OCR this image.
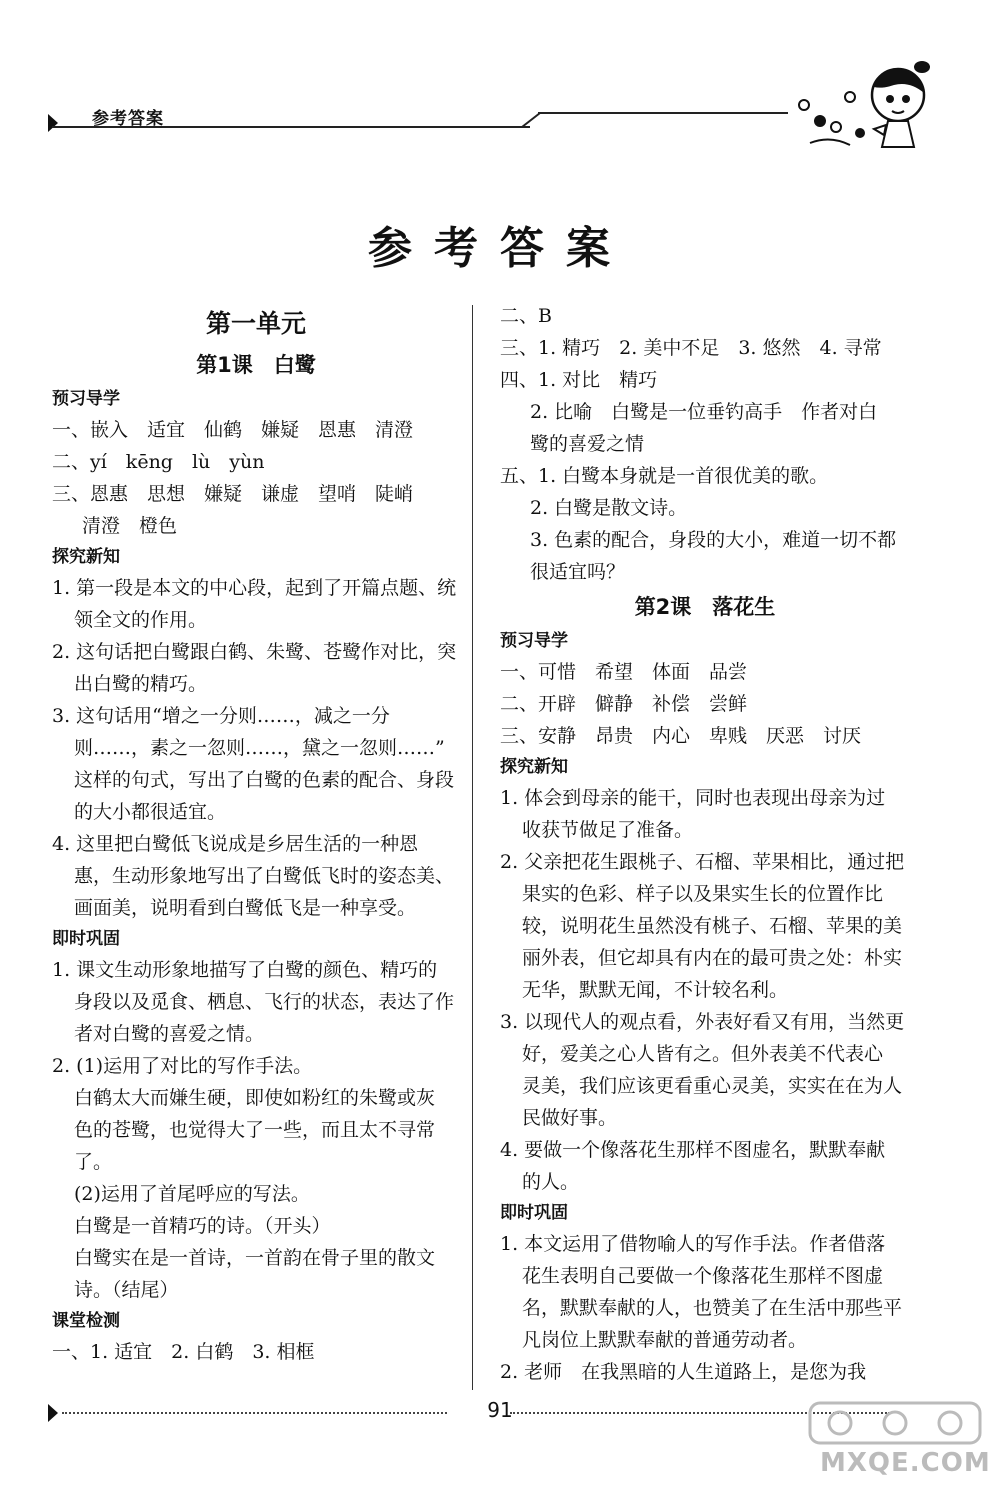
参考答案
参考答案
第一单元
第1课　白鹭
预习导学
一、嵌入　适宜　仙鹤　嫌疑　恩惠　清澄
二、yí　kēng　lù　yùn
三、恩惠　思想　嫌疑　谦虚　望哨　陡峭
清澄　橙色
探究新知
1. 第一段是本文的中心段，起到了开篇点题、统
领全文的作用。
2. 这句话把白鹭跟白鹤、朱鹭、苍鹭作对比，突
出白鹭的精巧。
3. 这句话用“增之一分则……，减之一分
则……，素之一忽则……，黛之一忽则……”
这样的句式，写出了白鹭的色素的配合、身段
的大小都很适宜。
4. 这里把白鹭低飞说成是乡居生活的一种恩
惠，生动形象地写出了白鹭低飞时的姿态美、
画面美，说明看到白鹭低飞是一种享受。
即时巩固
1. 课文生动形象地描写了白鹭的颜色、精巧的
身段以及觅食、栖息、飞行的状态，表达了作
者对白鹭的喜爱之情。
2. (1)运用了对比的写作手法。
白鹤太大而嫌生硬，即使如粉红的朱鹭或灰
色的苍鹭，也觉得大了一些，而且太不寻常
了。
(2)运用了首尾呼应的写法。
白鹭是一首精巧的诗。（开头）
白鹭实在是一首诗，一首韵在骨子里的散文
诗。（结尾）
课堂检测
一、1. 适宜　2. 白鹤　3. 相框
二、B
三、1. 精巧　2. 美中不足　3. 悠然　4. 寻常
四、1. 对比　精巧
2. 比喻　白鹭是一位垂钓高手　作者对白
鹭的喜爱之情
五、1. 白鹭本身就是一首很优美的歌。
2. 白鹭是散文诗。
3. 色素的配合，身段的大小，难道一切不都
很适宜吗？
第2课　落花生
预习导学
一、可惜　希望　体面　品尝
二、开辟　僻静　补偿　尝鲜
三、安静　昂贵　内心　卑贱　厌恶　讨厌
探究新知
1. 体会到母亲的能干，同时也表现出母亲为过
收获节做足了准备。
2. 父亲把花生跟桃子、石榴、苹果相比，通过把
果实的色彩、样子以及果实生长的位置作比
较，说明花生虽然没有桃子、石榴、苹果的美
丽外表，但它却具有内在的最可贵之处：朴实
无华，默默无闻，不计较名利。
3. 以现代人的观点看，外表好看又有用，当然更
好，爱美之心人皆有之。但外表美不代表心
灵美，我们应该更看重心灵美，实实在在为人
民做好事。
4. 要做一个像落花生那样不图虚名，默默奉献
的人。
即时巩固
1. 本文运用了借物喻人的写作手法。作者借落
花生表明自己要做一个像落花生那样不图虚
名，默默奉献的人，也赞美了在生活中那些平
凡岗位上默默奉献的普通劳动者。
2. 老师　在我黑暗的人生道路上，是您为我
91
MXQE.COM
